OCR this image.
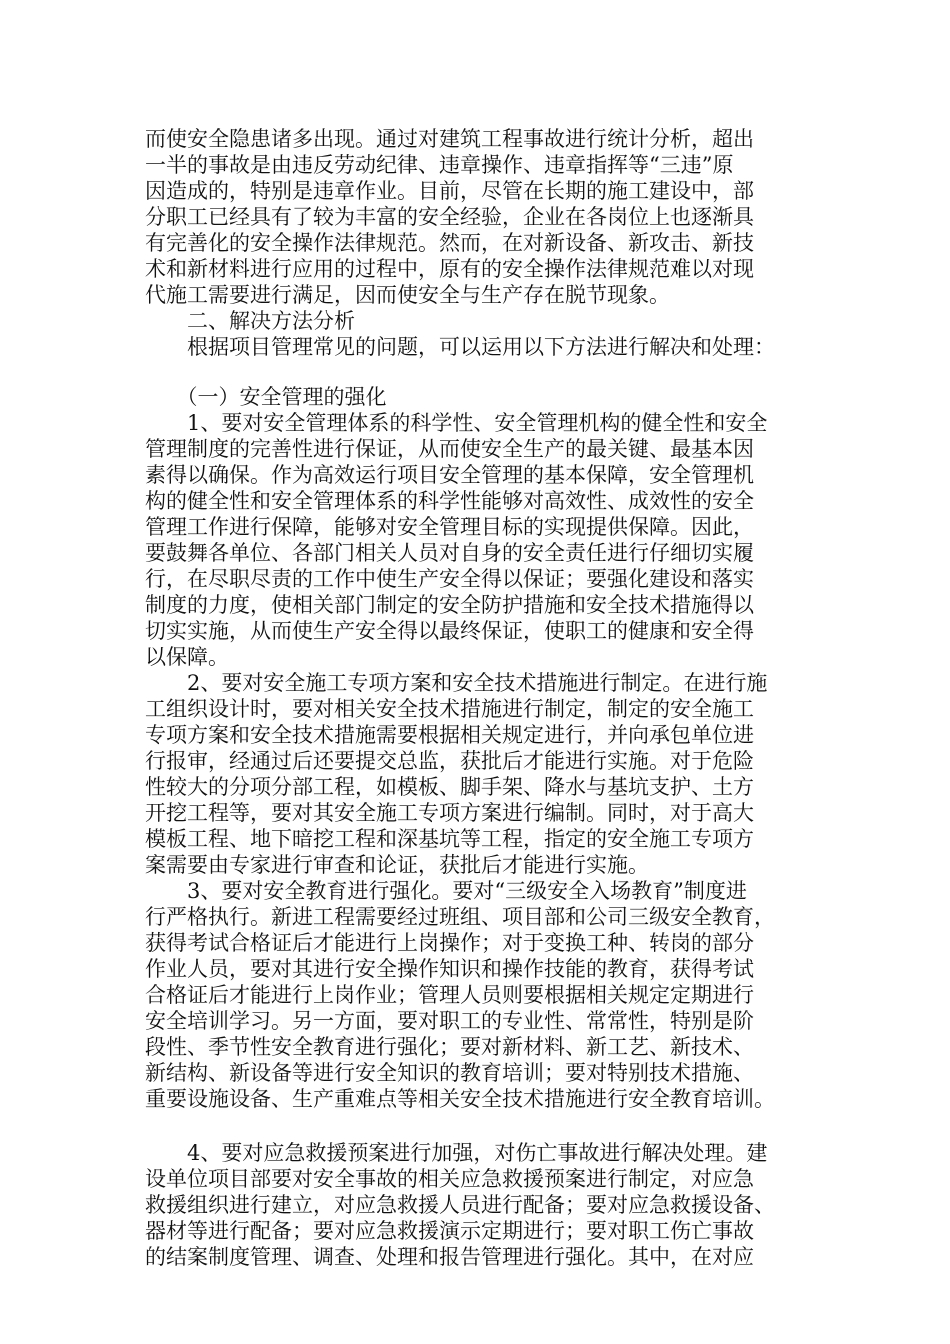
而使安全隐患诸多出现。通过对建筑工程事故进行统计分析，超出
一半的事故是由违反劳动纪律、违章操作、违章指挥等“三违”原
因造成的，特别是违章作业。目前，尽管在长期的施工建设中，部
分职工已经具有了较为丰富的安全经验，企业在各岗位上也逐渐具
有完善化的安全操作法律规范。然而，在对新设备、新攻击、新技
术和新材料进行应用的过程中，原有的安全操作法律规范难以对现
代施工需要进行满足，因而使安全与生产存在脱节现象。
　　二、解决方法分析
　　根据项目管理常见的问题，可以运用以下方法进行解决和处理：
　　（一）安全管理的强化
　　1、要对安全管理体系的科学性、安全管理机构的健全性和安全
管理制度的完善性进行保证，从而使安全生产的最关键、最基本因
素得以确保。作为高效运行项目安全管理的基本保障，安全管理机
构的健全性和安全管理体系的科学性能够对高效性、成效性的安全
管理工作进行保障，能够对安全管理目标的实现提供保障。因此，
要鼓舞各单位、各部门相关人员对自身的安全责任进行仔细切实履
行，在尽职尽责的工作中使生产安全得以保证；要强化建设和落实
制度的力度，使相关部门制定的安全防护措施和安全技术措施得以
切实实施，从而使生产安全得以最终保证，使职工的健康和安全得
以保障。
　　2、要对安全施工专项方案和安全技术措施进行制定。在进行施
工组织设计时，要对相关安全技术措施进行制定，制定的安全施工
专项方案和安全技术措施需要根据相关规定进行，并向承包单位进
行报审，经通过后还要提交总监，获批后才能进行实施。对于危险
性较大的分项分部工程，如模板、脚手架、降水与基坑支护、土方
开挖工程等，要对其安全施工专项方案进行编制。同时，对于高大
模板工程、地下暗挖工程和深基坑等工程，指定的安全施工专项方
案需要由专家进行审查和论证，获批后才能进行实施。
　　3、要对安全教育进行强化。要对“三级安全入场教育”制度进
行严格执行。新进工程需要经过班组、项目部和公司三级安全教育，
获得考试合格证后才能进行上岗操作；对于变换工种、转岗的部分
作业人员，要对其进行安全操作知识和操作技能的教育，获得考试
合格证后才能进行上岗作业；管理人员则要根据相关规定定期进行
安全培训学习。另一方面，要对职工的专业性、常常性，特别是阶
段性、季节性安全教育进行强化；要对新材料、新工艺、新技术、
新结构、新设备等进行安全知识的教育培训；要对特别技术措施、
重要设施设备、生产重难点等相关安全技术措施进行安全教育培训。
　　4、要对应急救援预案进行加强，对伤亡事故进行解决处理。建
设单位项目部要对安全事故的相关应急救援预案进行制定，对应急
救援组织进行建立，对应急救援人员进行配备；要对应急救援设备、
器材等进行配备；要对应急救援演示定期进行；要对职工伤亡事故
的结案制度管理、调查、处理和报告管理进行强化。其中，在对应
